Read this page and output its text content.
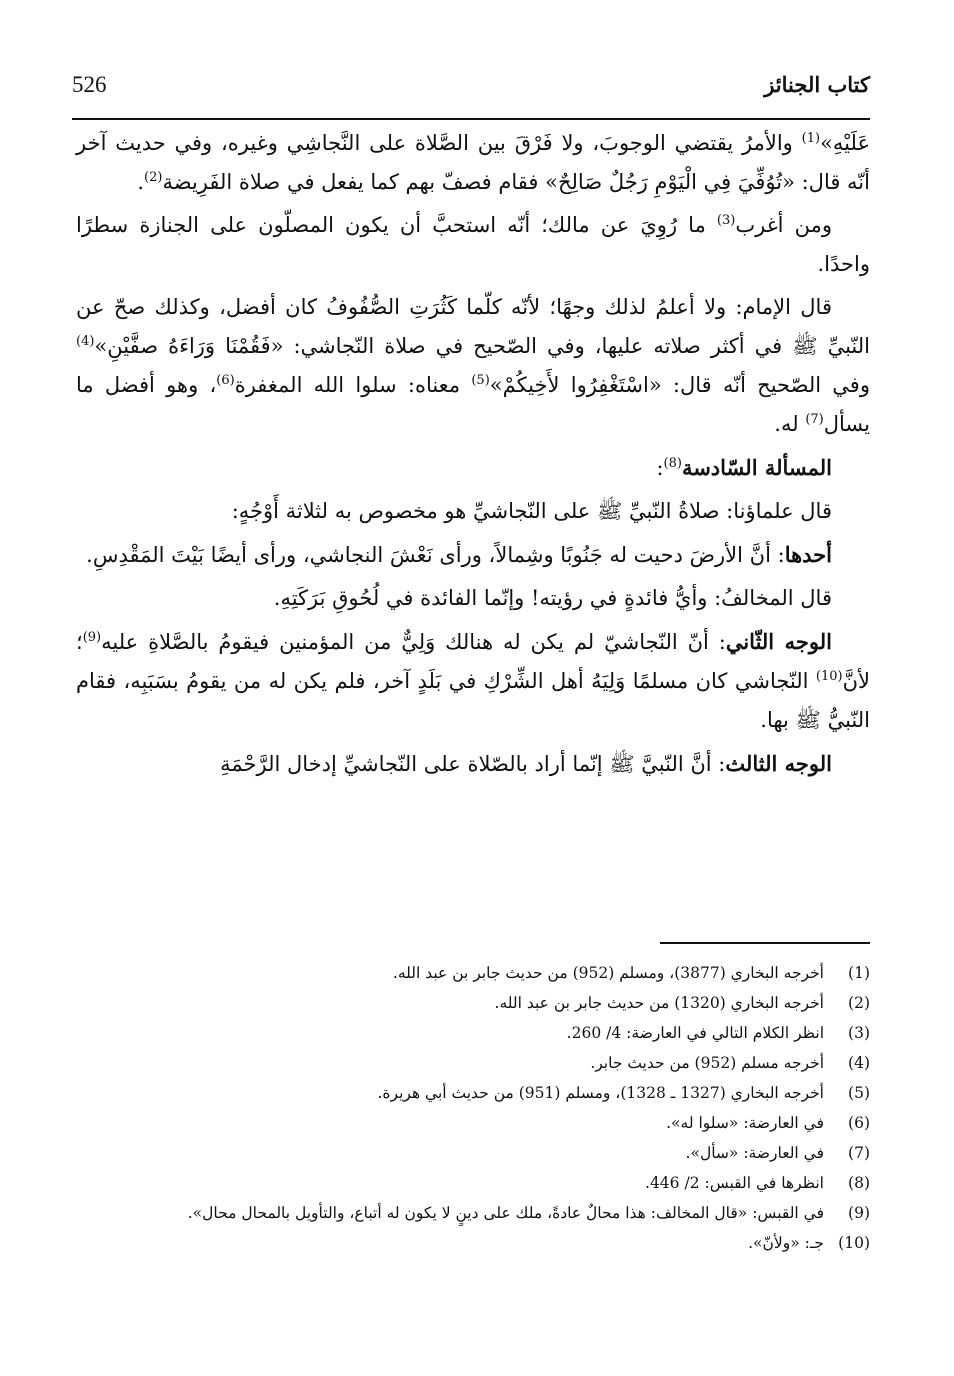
كتاب الجنائز
526

عَلَيْهِ»$^{(1)}$ والأمرُ يقتضي الوجوبَ، ولا فَرْقَ بين الصَّلاة على النَّجاشِي وغيره، وفي حديث آخر أنّه قال: «تُوُفِّيَ فِي الْيَوْمِ رَجُلٌ صَالِحٌ» فقام فصفّ بهم كما يفعل في صلاة الفَرِيضة$^{(2)}$.

ومن أغرب$^{(3)}$ ما رُوِيَ عن مالك؛ أنّه استحبَّ أن يكون المصلّون على الجنازة سطرًا واحدًا.

قال الإمام: ولا أعلمُ لذلك وجهًا؛ لأنّه كلّما كَثُرَتِ الصُّفُوفُ كان أفضل، وكذلك صحّ عن النّبيِّ ﷺ في أكثر صلاته عليها، وفي الصّحيح في صلاة النّجاشي: «فَقُمْنَا وَرَاءَهُ صفَّيْنِ»$^{(4)}$ وفي الصّحيح أنّه قال: «اسْتَغْفِرُوا لأَخِيكُمْ»$^{(5)}$ معناه: سلوا الله المغفرة$^{(6)}$، وهو أفضل ما يسأل$^{(7)}$ له.

المسألة السّادسة$^{(8)}$:

قال علماؤنا: صلاةُ النّبيِّ ﷺ على النّجاشيِّ هو مخصوص به لثلاثة أَوْجُهٍ:

أحدها: أنَّ الأرضَ دحيت له جَنُوبًا وشِمالاً، ورأى نَعْشَ النجاشي، ورأى أيضًا بَيْتَ المَقْدِسِ.

قال المخالفُ: وأيُّ فائدةٍ في رؤيته! وإنّما الفائدة في لُحُوقِ بَرَكَتِهِ.

الوجه الثّاني: أنّ النّجاشيّ لم يكن له هنالك وَلِيٌّ من المؤمنين فيقومُ بالصَّلاةِ عليه$^{(9)}$؛ لأنَّ$^{(10)}$ النّجاشي كان مسلمًا وَلِيَهُ أهل الشِّرْكِ في بَلَدٍ آخر، فلم يكن له من يقومُ بسَبَبِه، فقام النّبيُّ ﷺ بها.

الوجه الثالث: أنَّ النّبيَّ ﷺ إنّما أراد بالصّلاة على النّجاشيِّ إدخال الرَّحْمَةِ

(1)
أخرجه البخاري (3877)، ومسلم (952) من حديث جابر بن عبد الله.
(2)
أخرجه البخاري (1320) من حديث جابر بن عبد الله.
(3)
انظر الكلام التالي في العارضة: 4/ 260.
(4)
أخرجه مسلم (952) من حديث جابر.
(5)
أخرجه البخاري (1327 ـ 1328)، ومسلم (951) من حديث أبي هريرة.
(6)
في العارضة: «سلوا له».
(7)
في العارضة: «سأل».
(8)
انظرها في القبس: 2/ 446.
(9)
في القبس: «قال المخالف: هذا محالٌ عادةً، ملك على دينٍ لا يكون له أتباع، والتأويل بالمحال محال».
(10)
جـ: «ولأنّ».
